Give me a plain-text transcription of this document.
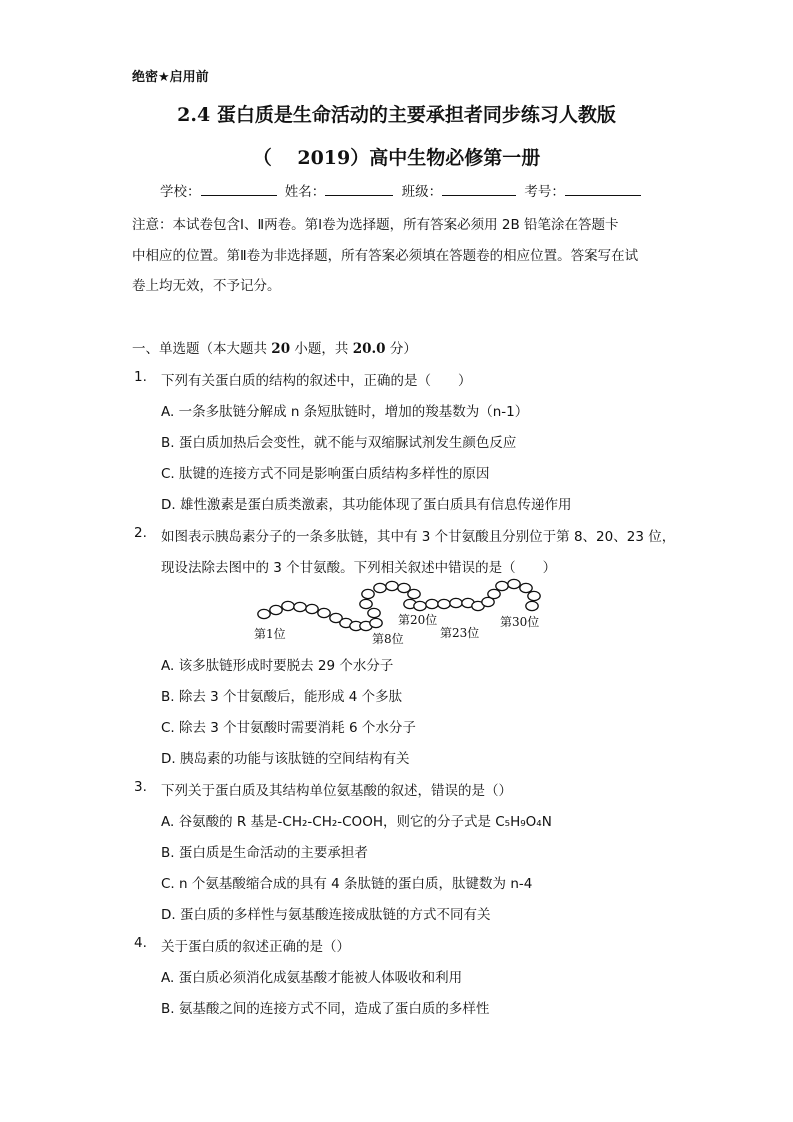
绝密★启用前
2.4 蛋白质是生命活动的主要承担者同步练习人教版
（　 2019）高中生物必修第一册
学校：	姓名：	班级：	考号：
注意：本试卷包含Ⅰ、Ⅱ两卷。第Ⅰ卷为选择题，所有答案必须用 2B 铅笔涂在答题卡
中相应的位置。第Ⅱ卷为非选择题，所有答案必须填在答题卷的相应位置。答案写在试
卷上均无效，不予记分。
一、单选题（本大题共 20 小题，共 20.0 分）
1. 下列有关蛋白质的结构的叙述中，正确的是（　　）
A. 一条多肽链分解成 n 条短肽链时，增加的羧基数为（n-1）
B. 蛋白质加热后会变性，就不能与双缩脲试剂发生颜色反应
C. 肽键的连接方式不同是影响蛋白质结构多样性的原因
D. 雄性激素是蛋白质类激素，其功能体现了蛋白质具有信息传递作用
2. 如图表示胰岛素分子的一条多肽链，其中有 3 个甘氨酸且分别位于第 8、20、23 位，
现设法除去图中的 3 个甘氨酸。下列相关叙述中错误的是（　　）
第1位	第8位
第20位
第23位
第30位
A. 该多肽链形成时要脱去 29 个水分子
B. 除去 3 个甘氨酸后，能形成 4 个多肽
C. 除去 3 个甘氨酸时需要消耗 6 个水分子
D. 胰岛素的功能与该肽链的空间结构有关
3. 下列关于蛋白质及其结构单位氨基酸的叙述，错误的是（）
A. 谷氨酸的 R 基是-CH₂-CH₂-COOH，则它的分子式是 C₅H₉O₄N
B. 蛋白质是生命活动的主要承担者
C. n 个氨基酸缩合成的具有 4 条肽链的蛋白质，肽键数为 n-4
D. 蛋白质的多样性与氨基酸连接成肽链的方式不同有关
4. 关于蛋白质的叙述正确的是（）
A. 蛋白质必须消化成氨基酸才能被人体吸收和利用
B. 氨基酸之间的连接方式不同，造成了蛋白质的多样性
